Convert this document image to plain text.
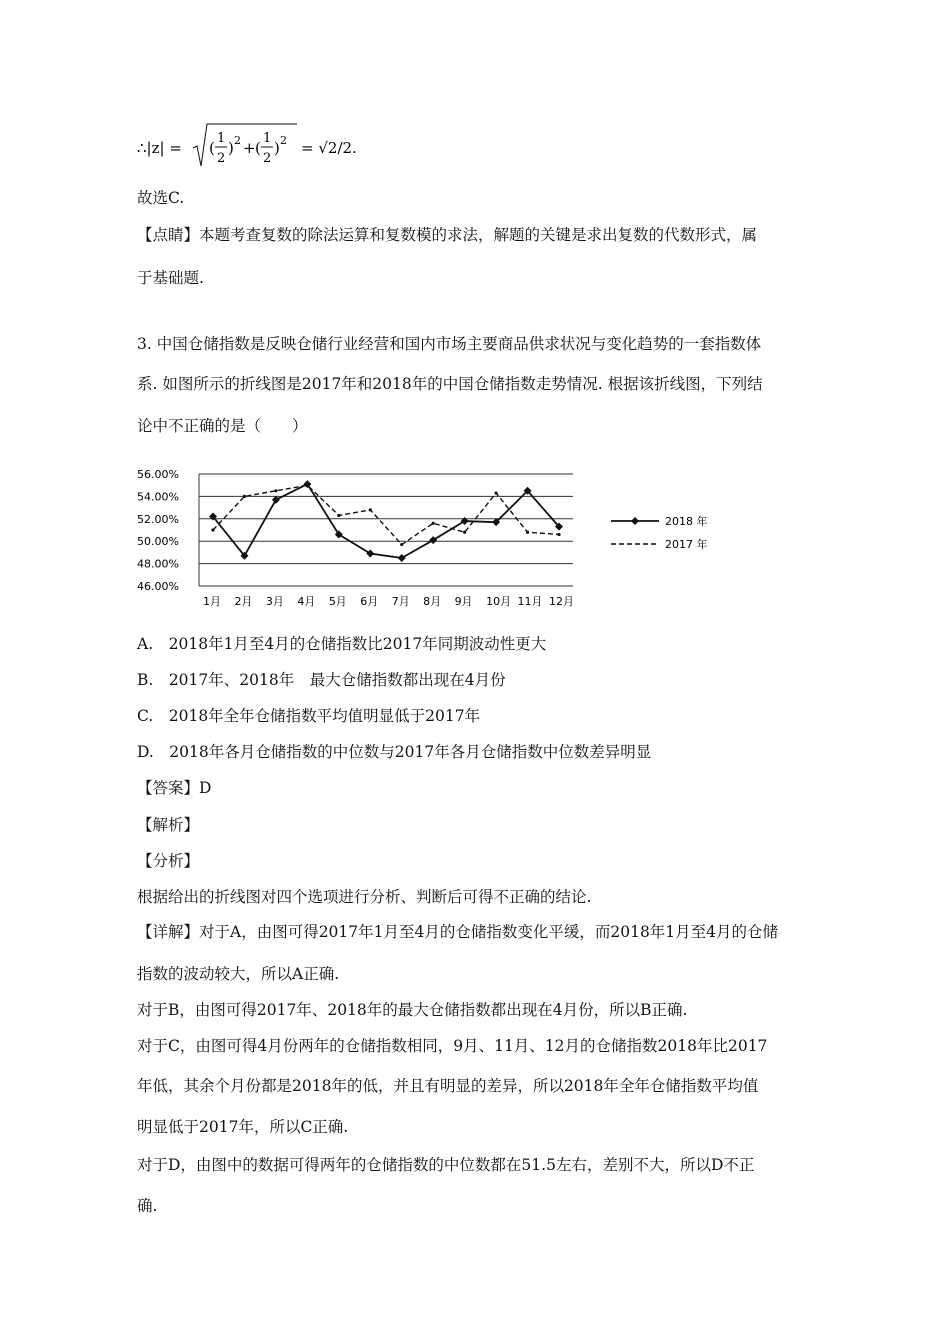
∴|z| = (
1
2
) 2 + (
1
2
) 2 = √2/2.
故选C.
【点睛】本题考查复数的除法运算和复数模的求法，解题的关键是求出复数的代数形式，属
于基础题.
3. 中国仓储指数是反映仓储行业经营和国内市场主要商品供求状况与变化趋势的一套指数体
系. 如图所示的折线图是2017年和2018年的中国仓储指数走势情况. 根据该折线图，下列结
论中不正确的是（　　）
56.00%
54.00%
52.00%
50.00%
48.00%
46.00%
1月 2月 3月 4月 5月 6月 7月 8月 9月 10月 11月 12月
2018 年
2017 年
A.　2018年1月至4月的仓储指数比2017年同期波动性更大
B.　2017年、2018年　最大仓储指数都出现在4月份
C.　2018年全年仓储指数平均值明显低于2017年
D.　2018年各月仓储指数的中位数与2017年各月仓储指数中位数差异明显
【答案】D
【解析】
【分析】
根据给出的折线图对四个选项进行分析、判断后可得不正确的结论.
【详解】对于A，由图可得2017年1月至4月的仓储指数变化平缓，而2018年1月至4月的仓储
指数的波动较大，所以A正确.
对于B，由图可得2017年、2018年的最大仓储指数都出现在4月份，所以B正确.
对于C，由图可得4月份两年的仓储指数相同，9月、11月、12月的仓储指数2018年比2017
年低，其余个月份都是2018年的低，并且有明显的差异，所以2018年全年仓储指数平均值
明显低于2017年，所以C正确.
对于D，由图中的数据可得两年的仓储指数的中位数都在51.5左右，差别不大，所以D不正
确.
